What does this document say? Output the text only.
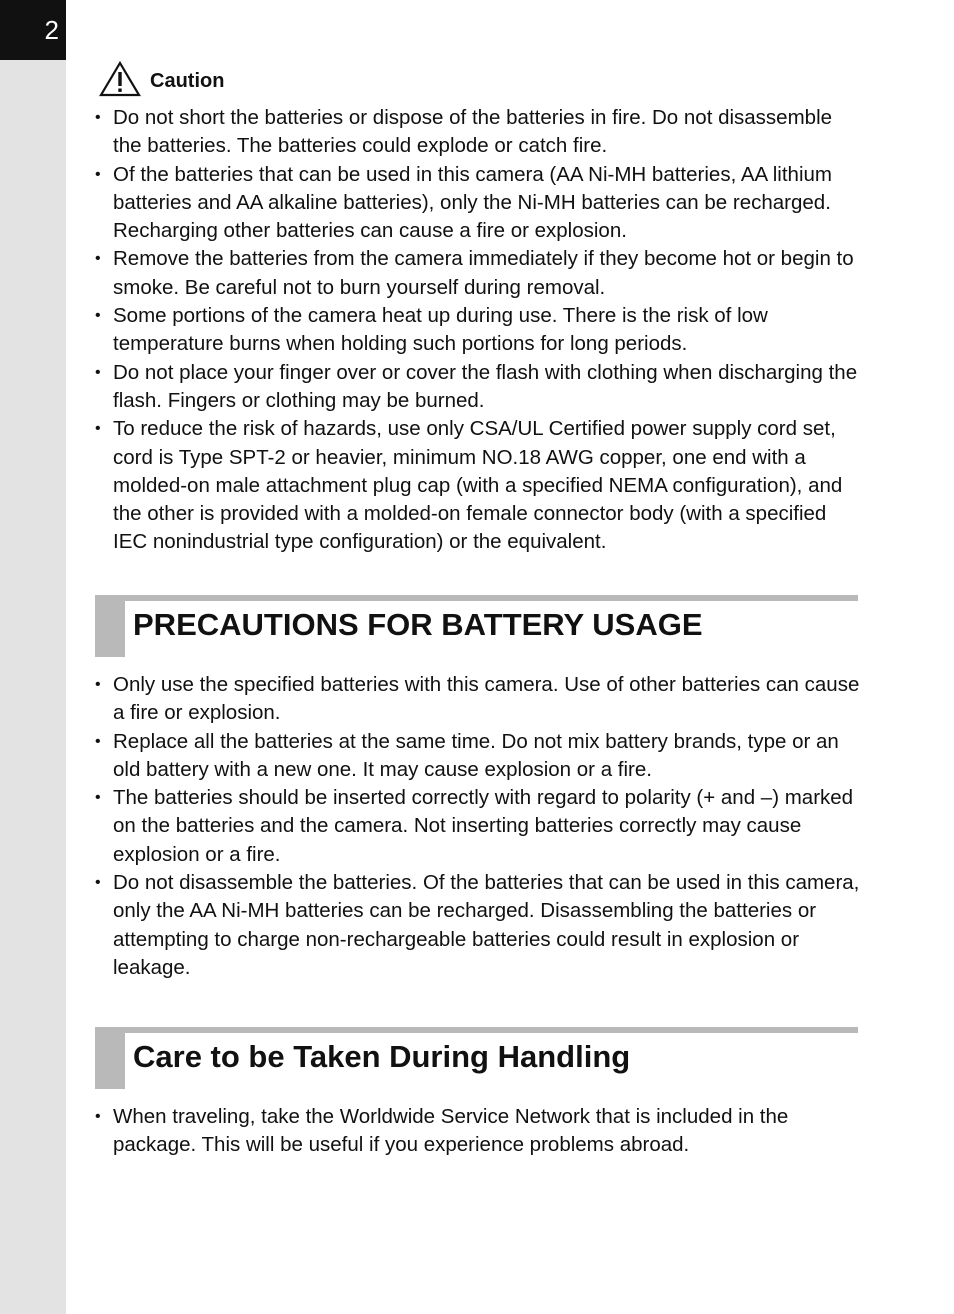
2
Caution
• Do not short the batteries or dispose of the batteries in fire. Do not disassemble the batteries. The batteries could explode or catch fire.
• Of the batteries that can be used in this camera (AA Ni-MH batteries, AA lithium batteries and AA alkaline batteries), only the Ni-MH batteries can be recharged. Recharging other batteries can cause a fire or explosion.
• Remove the batteries from the camera immediately if they become hot or begin to smoke. Be careful not to burn yourself during removal.
• Some portions of the camera heat up during use. There is the risk of low temperature burns when holding such portions for long periods.
• Do not place your finger over or cover the flash with clothing when discharging the flash. Fingers or clothing may be burned.
• To reduce the risk of hazards, use only CSA/UL Certified power supply cord set, cord is Type SPT-2 or heavier, minimum NO.18 AWG copper, one end with a molded-on male attachment plug cap (with a specified NEMA configuration), and the other is provided with a molded-on female connector body (with a specified IEC nonindustrial type configuration) or the equivalent.
PRECAUTIONS FOR BATTERY USAGE
• Only use the specified batteries with this camera. Use of other batteries can cause a fire or explosion.
• Replace all the batteries at the same time. Do not mix battery brands, type or an old battery with a new one. It may cause explosion or a fire.
• The batteries should be inserted correctly with regard to polarity (+ and –) marked on the batteries and the camera. Not inserting batteries correctly may cause explosion or a fire.
• Do not disassemble the batteries. Of the batteries that can be used in this camera, only the AA Ni-MH batteries can be recharged. Disassembling the batteries or attempting to charge non-rechargeable batteries could result in explosion or leakage.
Care to be Taken During Handling
• When traveling, take the Worldwide Service Network that is included in the package. This will be useful if you experience problems abroad.
